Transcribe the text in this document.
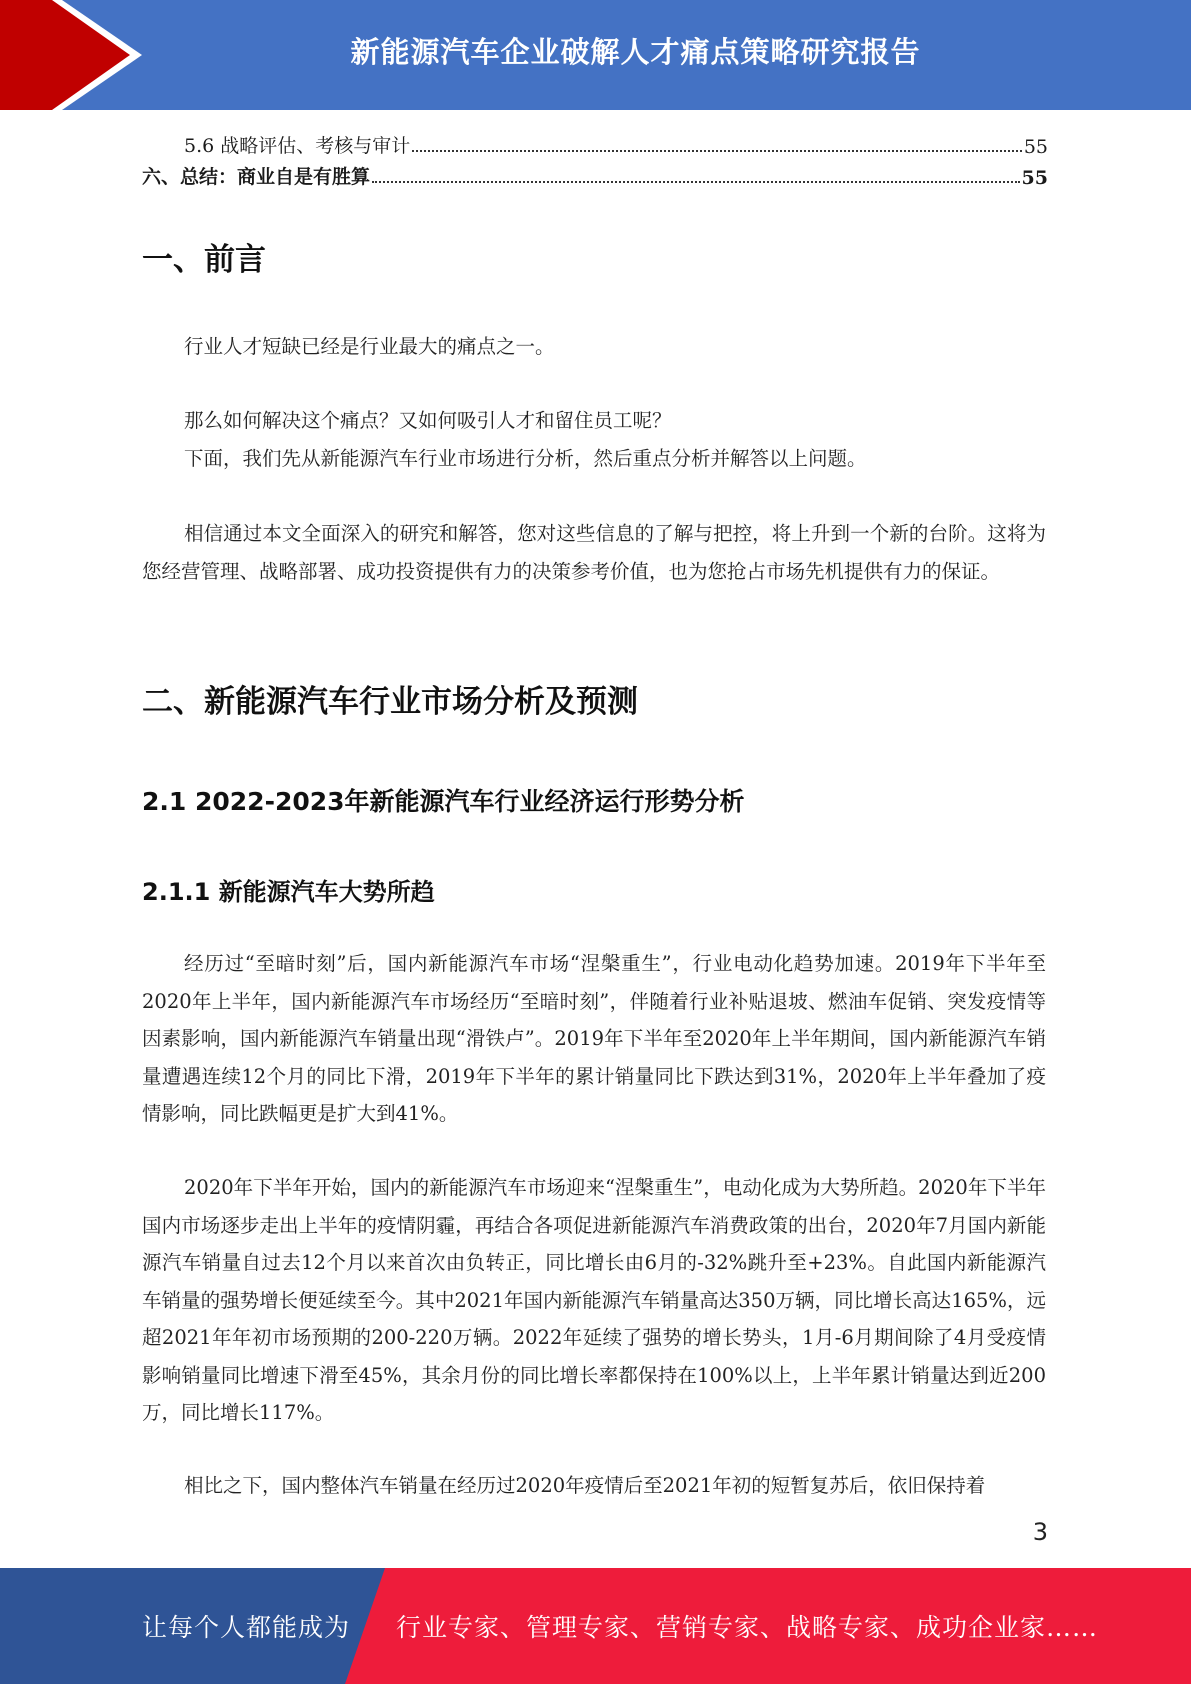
新能源汽车企业破解人才痛点策略研究报告
5.6 战略评估、考核与审计	55
六、总结：商业自是有胜算	55
一、前言

行业人才短缺已经是行业最大的痛点之一。

那么如何解决这个痛点？又如何吸引人才和留住员工呢？

下面，我们先从新能源汽车行业市场进行分析，然后重点分析并解答以上问题。

相信通过本文全面深入的研究和解答，您对这些信息的了解与把控，将上升到一个新的台阶。这将为您经营管理、战略部署、成功投资提供有力的决策参考价值，也为您抢占市场先机提供有力的保证。

二、新能源汽车行业市场分析及预测
2.1 2022-2023年新能源汽车行业经济运行形势分析
2.1.1 新能源汽车大势所趋

经历过“至暗时刻”后，国内新能源汽车市场“涅槃重生”，行业电动化趋势加速。2019年下半年至2020年上半年，国内新能源汽车市场经历“至暗时刻”，伴随着行业补贴退坡、燃油车促销、突发疫情等因素影响，国内新能源汽车销量出现“滑铁卢”。2019年下半年至2020年上半年期间，国内新能源汽车销量遭遇连续12个月的同比下滑，2019年下半年的累计销量同比下跌达到31%，2020年上半年叠加了疫情影响，同比跌幅更是扩大到41%。

2020年下半年开始，国内的新能源汽车市场迎来“涅槃重生”，电动化成为大势所趋。2020年下半年国内市场逐步走出上半年的疫情阴霾，再结合各项促进新能源汽车消费政策的出台，2020年7月国内新能源汽车销量自过去12个月以来首次由负转正，同比增长由6月的-32%跳升至+23%。自此国内新能源汽车销量的强势增长便延续至今。其中2021年国内新能源汽车销量高达350万辆，同比增长高达165%，远超2021年年初市场预期的200-220万辆。2022年延续了强势的增长势头，1月-6月期间除了4月受疫情影响销量同比增速下滑至45%，其余月份的同比增长率都保持在100%以上，上半年累计销量达到近200万，同比增长117%。

相比之下，国内整体汽车销量在经历过2020年疫情后至2021年初的短暂复苏后，依旧保持着

3
让每个人都能成为 行业专家、管理专家、营销专家、战略专家、成功企业家……
